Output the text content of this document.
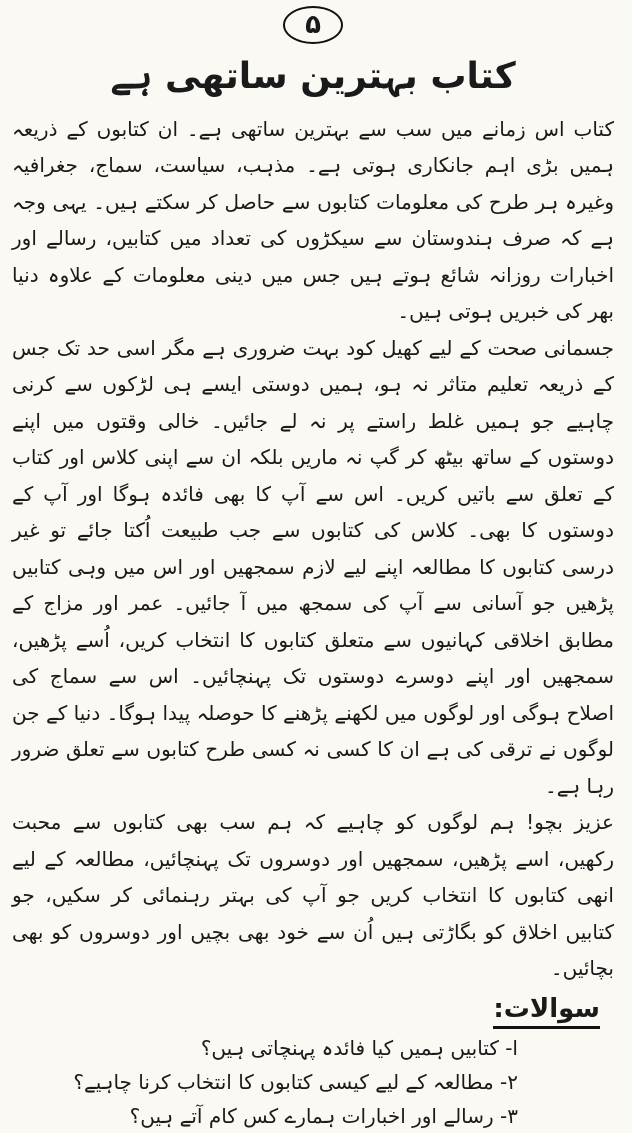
۵
کتاب بہترین ساتھی ہے

کتاب اس زمانے میں سب سے بہترین ساتھی ہے۔ ان کتابوں کے ذریعہ ہمیں بڑی اہم جانکاری ہوتی ہے۔ مذہب، سیاست، سماج، جغرافیہ وغیرہ ہر طرح کی معلومات کتابوں سے حاصل کر سکتے ہیں۔ یہی وجہ ہے کہ صرف ہندوستان سے سیکڑوں کی تعداد میں کتابیں، رسالے اور اخبارات روزانہ شائع ہوتے ہیں جس میں دینی معلومات کے علاوہ دنیا بھر کی خبریں ہوتی ہیں۔

جسمانی صحت کے لیے کھیل کود بہت ضروری ہے مگر اسی حد تک جس کے ذریعہ تعلیم متاثر نہ ہو، ہمیں دوستی ایسے ہی لڑکوں سے کرنی چاہیے جو ہمیں غلط راستے پر نہ لے جائیں۔ خالی وقتوں میں اپنے دوستوں کے ساتھ بیٹھ کر گپ نہ ماریں بلکہ ان سے اپنی کلاس اور کتاب کے تعلق سے باتیں کریں۔ اس سے آپ کا بھی فائدہ ہوگا اور آپ کے دوستوں کا بھی۔ کلاس کی کتابوں سے جب طبیعت اُکتا جائے تو غیر درسی کتابوں کا مطالعہ اپنے لیے لازم سمجھیں اور اس میں وہی کتابیں پڑھیں جو آسانی سے آپ کی سمجھ میں آ جائیں۔ عمر اور مزاج کے مطابق اخلاقی کہانیوں سے متعلق کتابوں کا انتخاب کریں، اُسے پڑھیں، سمجھیں اور اپنے دوسرے دوستوں تک پہنچائیں۔ اس سے سماج کی اصلاح ہوگی اور لوگوں میں لکھنے پڑھنے کا حوصلہ پیدا ہوگا۔ دنیا کے جن لوگوں نے ترقی کی ہے ان کا کسی نہ کسی طرح کتابوں سے تعلق ضرور رہا ہے۔

عزیز بچو! ہم لوگوں کو چاہیے کہ ہم سب بھی کتابوں سے محبت رکھیں، اسے پڑھیں، سمجھیں اور دوسروں تک پہنچائیں، مطالعہ کے لیے انھی کتابوں کا انتخاب کریں جو آپ کی بہتر رہنمائی کر سکیں، جو کتابیں اخلاق کو بگاڑتی ہیں اُن سے خود بھی بچیں اور دوسروں کو بھی بچائیں۔

سوالات:

ا- کتابیں ہمیں کیا فائدہ پہنچاتی ہیں؟

۲- مطالعہ کے لیے کیسی کتابوں کا انتخاب کرنا چاہیے؟

۳- رسالے اور اخبارات ہمارے کس کام آتے ہیں؟
